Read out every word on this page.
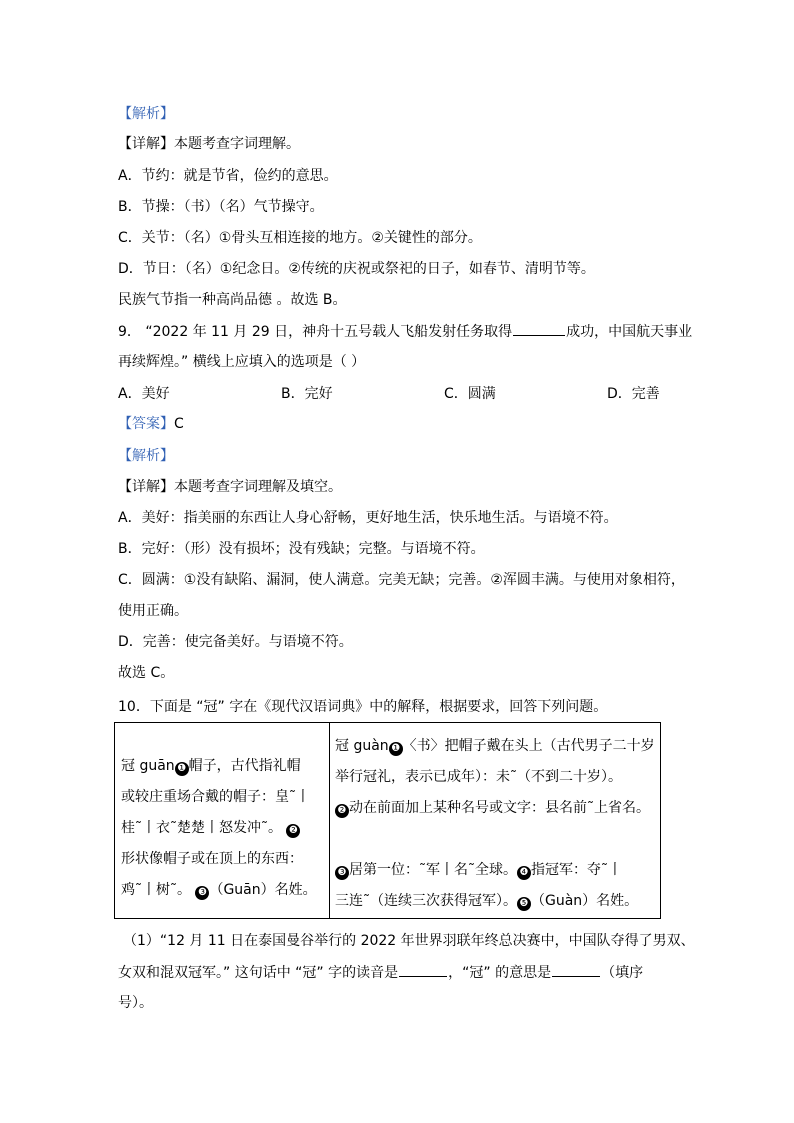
【解析】
【详解】本题考查字词理解。
A．节约：就是节省，俭约的意思。
B．节操：（书）（名）气节操守。
C．关节：（名）①骨头互相连接的地方。②关键性的部分。
D．节日：（名）①纪念日。②传统的庆祝或祭祀的日子，如春节、清明节等。
民族气节指一种高尚品德 。故选 B。
9． “2022 年 11 月 29 日，神舟十五号载人飞船发射任务取得	成功，中国航天事业
再续辉煌。” 横线上应填入的选项是（ ）
A．美好	B．完好	C．圆满	D．完善
【答案】C
【解析】
【详解】本题考查字词理解及填空。
A．美好：指美丽的东西让人身心舒畅，更好地生活，快乐地生活。与语境不符。
B．完好：（形）没有损坏；没有残缺；完整。与语境不符。
C．圆满：①没有缺陷、漏洞，使人满意。完美无缺；完善。②浑圆丰满。与使用对象相符，
使用正确。
D．完善：使完备美好。与语境不符。
故选 C。
10．下面是 “冠” 字在《现代汉语词典》中的解释，根据要求，回答下列问题。
冠 guān ❶ 帽子，古代指礼帽
或较庄重场合戴的帽子：皇˜丨
桂˜丨衣˜楚楚丨怒发冲˜。 ❷
形状像帽子或在顶上的东西：
鸡˜丨树˜。 ❸ （Guān）名姓。
冠 guàn ❶ 〈书〉把帽子戴在头上（古代男子二十岁
举行冠礼，表示已成年）：未˜（不到二十岁）。
❷ 动在前面加上某种名号或文字：县名前˜上省名。
❸ 居第一位：˜军丨名˜全球。 ❹ 指冠军：夺˜丨
三连˜（连续三次获得冠军）。 ❺ （Guàn）名姓。
（1）“12 月 11 日在泰国曼谷举行的 2022 年世界羽联年终总决赛中，中国队夺得了男双、
女双和混双冠军。” 这句话中 “冠” 字的读音是	，“冠” 的意思是	（填序
号）。
